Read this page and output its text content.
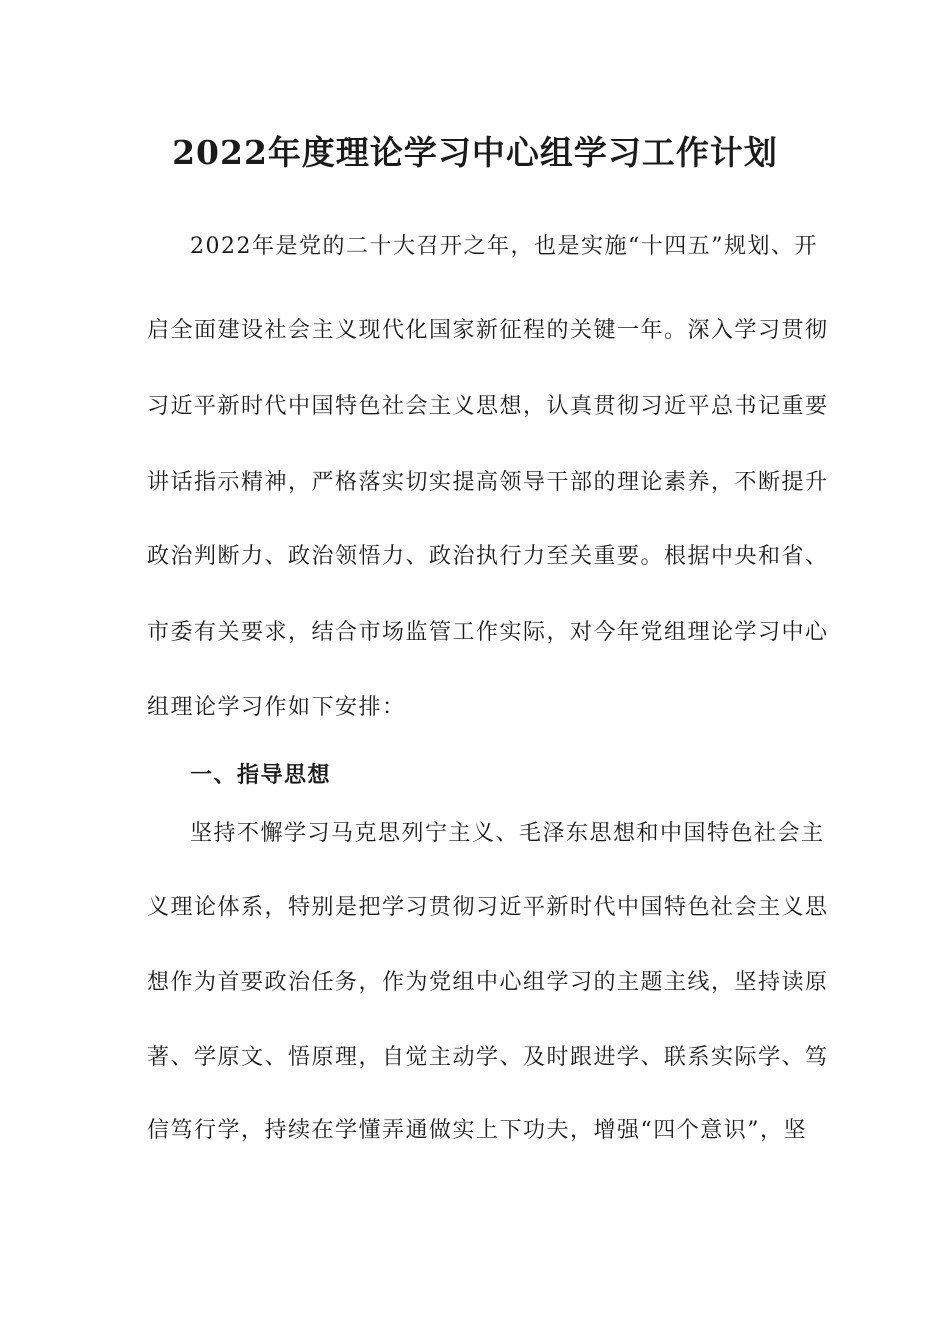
2022年度理论学习中心组学习工作计划
2022年是党的二十大召开之年，也是实施“十四五”规划、开
启全面建设社会主义现代化国家新征程的关键一年。深入学习贯彻
习近平新时代中国特色社会主义思想，认真贯彻习近平总书记重要
讲话指示精神，严格落实切实提高领导干部的理论素养，不断提升
政治判断力、政治领悟力、政治执行力至关重要。根据中央和省、
市委有关要求，结合市场监管工作实际，对今年党组理论学习中心
组理论学习作如下安排：
一、指导思想
坚持不懈学习马克思列宁主义、毛泽东思想和中国特色社会主
义理论体系，特别是把学习贯彻习近平新时代中国特色社会主义思
想作为首要政治任务，作为党组中心组学习的主题主线，坚持读原
著、学原文、悟原理，自觉主动学、及时跟进学、联系实际学、笃
信笃行学，持续在学懂弄通做实上下功夫，增强“四个意识”，坚
